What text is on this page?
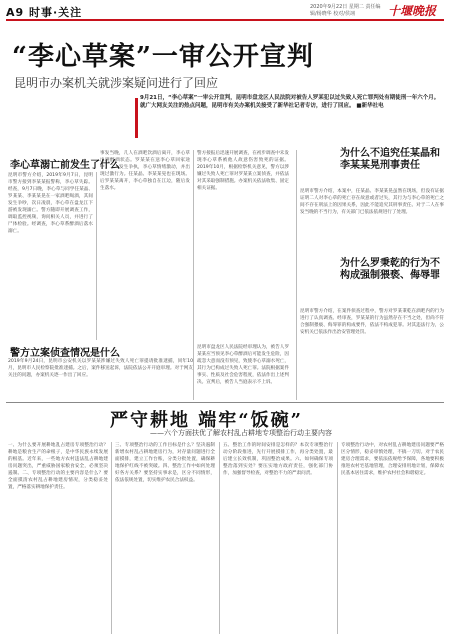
A9 时事·关注	2020年9月22日 星期二 责任编辑/杨晓华 校对/侯翊	十堰晚报
“李心草案”一审公开宣判
昆明市办案机关就涉案疑问进行了回应
9月21日，“李心草案”一审公开宣判，昆明市盘龙区人民法院对被告人罗某犯以过失致人死亡罪判处有期徒刑一年六个月。就广大网友关注的热点问题，昆明市有关办案机关接受了新华社记者专访，进行了回应。 ■新华社电
李心草溺亡前发生了什么
昆明市警方介绍，2019年9月7日，昆明市警方接到李某某报警称，李心草失踪。经查，9月7日晚，李心草与同学任某晶、罗某某、李某某晃在一家酒吧喝酒，其间发生争吵，次日凌晨，李心草在盘龙江下游被发现溺亡。警方随即开展调查工作，调取监控视频，询问相关人员，并进行了尸体检验。经调查，李心草系醉酒后落水溺亡。
事发当晚，几人在酒吧饮酒后离开，李心草出现醉酒状态。罗某某在送李心草回家途中，二人发生争执，李心草情绪激动，并出现过激行为。任某晶、李某某晃也在现场。后罗某某离开，李心草独自在江边，随后发生落水。
警方接报后迅速开展调查，在初步调查中未发现李心草系被他人故意伤害致死的证据。2019年10月，根据检察机关意见，警方以涉嫌过失致人死亡罪对罗某某立案侦查，并依法对其采取强制措施。办案机关依法收集、固定相关证据。
警方立案侦查情况是什么
2019年9月24日，昆明市公安机关以罗某某涉嫌过失致人死亡罪提请批准逮捕，同年10月，昆明市人民检察院批准逮捕。之后，案件移送起诉，法院依法公开开庭审理。对于网友关注的问题，办案机关逐一作出了回应。
昆明市盘龙区人民法院经审理认为，被告人罗某某应当预见李心草醉酒后可能发生危险，因疏忽大意而没有预见，致使李心草溺水死亡，其行为已构成过失致人死亡罪。法院根据案件事实、性质及社会危害程度，依法作出上述判决。宣判后，被告人当庭表示不上诉。
为什么不追究任某晶和李某某晃刑事责任
昆明市警方介绍，本案中，任某晶、李某某晃虽然在现场，但没有证据证明二人对李心草的死亡存在故意或者过失，其行为与李心草的死亡之间不存在刑法上的因果关系，因此不能追究其刑事责任。对于二人在事发当晚的不当行为，有关部门已依法依规进行了处理。
为什么罗秉乾的行为不构成强制猥亵、侮辱罪
昆明市警方介绍，在案件侦查过程中，警方对罗某秉乾在酒吧内的行为进行了认真调查。经审查，罗某某的行为虽然存在不当之处，但尚不符合强制猥亵、侮辱罪的构成要件，依法不构成犯罪。对其违法行为，公安机关已依法作出治安管理处罚。
严守耕地 端牢“饭碗”
——六个方面扶优了解农村乱占耕地专项整治行动主要内容
一、为什么要开展耕地乱占建房专项整治行动？ 耕地是粮食生产的命根子，是中华民族永续发展的根基。近年来，一些地方农村违法乱占耕地建房问题突出，严重威胁国家粮食安全，必须坚决遏制。二、专项整治行动的主要内容是什么？要全面摸清农村乱占耕地建房情况，分类稳妥处置，严格落实耕地保护责任。
三、专项整治行动的工作目标是什么？坚决遏制新增农村乱占耕地建房行为，对存量问题进行全面摸排，建立工作台账，分类分批处置，确保耕地保护红线不被突破。四、整治工作中如何处理好各方关系？要坚持实事求是，区分不同情形，依法依规处置，切实维护农民合法权益。
五、整治工作的时间安排是怎样的？本次专项整治行动分阶段推进，先行开展摸排工作，再分类处置，最后建立长效机制，巩固整治成果。六、如何确保专项整治落到实处？要压实地方政府责任，强化部门协作，加强督导检查，对整治不力的严肃问责。
专项整治行动中，对农村乱占耕地建房问题要严格区分情形，稳妥审慎处理，不搞一刀切。对于农民建房合理需求，要依法依规给予保障，各地要积极推进农村宅基地管理，合理安排用地计划，保障农民基本居住需求，维护农村社会和谐稳定。
